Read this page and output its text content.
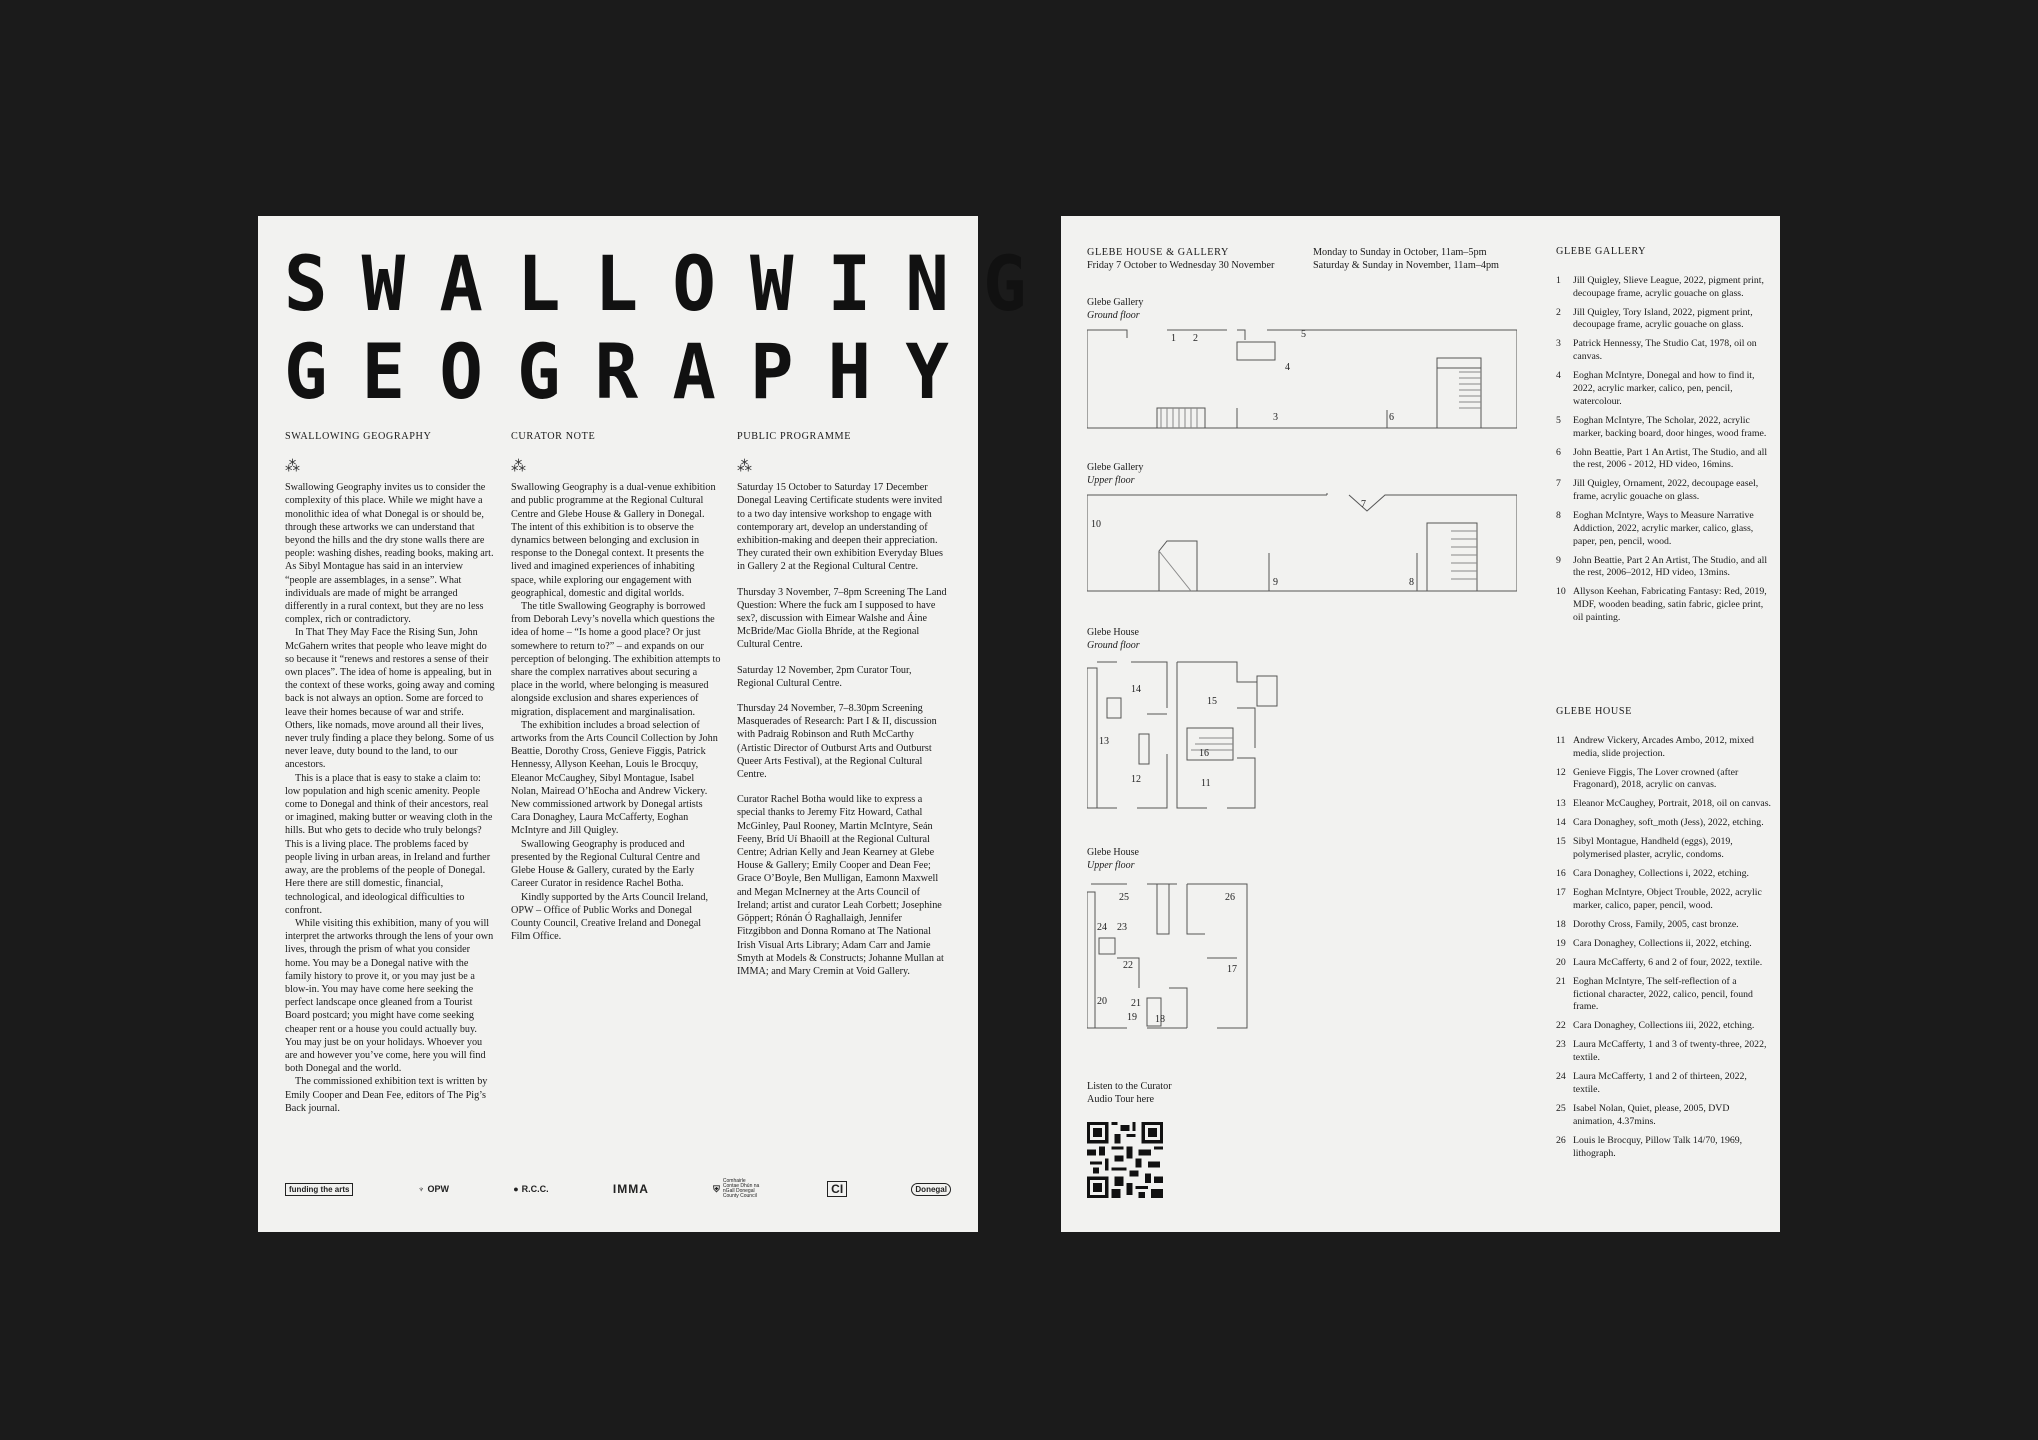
SWALLOWING
GEOGRAPHY
SWALLOWING GEOGRAPHY
⁂

Swallowing Geography invites us to consider the complexity of this place. While we might have a monolithic idea of what Donegal is or should be, through these artworks we can understand that beyond the hills and the dry stone walls there are people: washing dishes, reading books, making art. As Sibyl Montague has said in an interview “people are assemblages, in a sense”. What individuals are made of might be arranged differently in a rural context, but they are no less complex, rich or contradictory.

In That They May Face the Rising Sun, John McGahern writes that people who leave might do so because it “renews and restores a sense of their own places”. The idea of home is appealing, but in the context of these works, going away and coming back is not always an option. Some are forced to leave their homes because of war and strife. Others, like nomads, move around all their lives, never truly finding a place they belong. Some of us never leave, duty bound to the land, to our ancestors.

This is a place that is easy to stake a claim to: low population and high scenic amenity. People come to Donegal and think of their ancestors, real or imagined, making butter or weaving cloth in the hills. But who gets to decide who truly belongs? This is a living place. The problems faced by people living in urban areas, in Ireland and further away, are the problems of the people of Donegal. Here there are still domestic, financial, technological, and ideological difficulties to confront.

While visiting this exhibition, many of you will interpret the artworks through the lens of your own lives, through the prism of what you consider home. You may be a Donegal native with the family history to prove it, or you may just be a blow-in. You may have come here seeking the perfect landscape once gleaned from a Tourist Board postcard; you might have come seeking cheaper rent or a house you could actually buy. You may just be on your holidays. Whoever you are and however you’ve come, here you will find both Donegal and the world.

The commissioned exhibition text is written by Emily Cooper and Dean Fee, editors of The Pig’s Back journal.

CURATOR NOTE
⁂

Swallowing Geography is a dual-venue exhibition and public programme at the Regional Cultural Centre and Glebe House & Gallery in Donegal. The intent of this exhibition is to observe the dynamics between belonging and exclusion in response to the Donegal context. It presents the lived and imagined experiences of inhabiting space, while exploring our engagement with geographical, domestic and digital worlds.

The title Swallowing Geography is borrowed from Deborah Levy’s novella which questions the idea of home – “Is home a good place? Or just somewhere to return to?” – and expands on our perception of belonging. The exhibition attempts to share the complex narratives about securing a place in the world, where belonging is measured alongside exclusion and shares experiences of migration, displacement and marginalisation.

The exhibition includes a broad selection of artworks from the Arts Council Collection by John Beattie, Dorothy Cross, Genieve Figgis, Patrick Hennessy, Allyson Keehan, Louis le Brocquy, Eleanor McCaughey, Sibyl Montague, Isabel Nolan, Mairead O’hEocha and Andrew Vickery. New commissioned artwork by Donegal artists Cara Donaghey, Laura McCafferty, Eoghan McIntyre and Jill Quigley.

Swallowing Geography is produced and presented by the Regional Cultural Centre and Glebe House & Gallery, curated by the Early Career Curator in residence Rachel Botha.

Kindly supported by the Arts Council Ireland, OPW – Office of Public Works and Donegal County Council, Creative Ireland and Donegal Film Office.

PUBLIC PROGRAMME
⁂

Saturday 15 October to Saturday 17 December Donegal Leaving Certificate students were invited to a two day intensive workshop to engage with contemporary art, develop an understanding of exhibition-making and deepen their appreciation. They curated their own exhibition Everyday Blues in Gallery 2 at the Regional Cultural Centre.

Thursday 3 November, 7–8pm Screening The Land Question: Where the fuck am I supposed to have sex?, discussion with Eimear Walshe and Áine McBride/Mac Giolla Bhríde, at the Regional Cultural Centre.

Saturday 12 November, 2pm Curator Tour, Regional Cultural Centre.

Thursday 24 November, 7–8.30pm Screening Masquerades of Research: Part I & II, discussion with Padraig Robinson and Ruth McCarthy (Artistic Director of Outburst Arts and Outburst Queer Arts Festival), at the Regional Cultural Centre.

Curator Rachel Botha would like to express a special thanks to Jeremy Fitz Howard, Cathal McGinley, Paul Rooney, Martin McIntyre, Seán Feeny, Bríd Uí Bhaoill at the Regional Cultural Centre; Adrian Kelly and Jean Kearney at Glebe House & Gallery; Emily Cooper and Dean Fee; Grace O’Boyle, Ben Mulligan, Eamonn Maxwell and Megan McInerney at the Arts Council of Ireland; artist and curator Leah Corbett; Josephine Göppert; Rónán Ó Raghallaigh, Jennifer Fitzgibbon and Donna Romano at The National Irish Visual Arts Library; Adam Carr and Jamie Smyth at Models & Constructs; Johanne Mullan at IMMA; and Mary Cremin at Void Gallery.

funding the arts	♆ OPW	● R.C.C.	IMMA	⛨
Comhairle Contae Dhún na nGall Donegal County Council	CI	Donegal
GLEBE HOUSE & GALLERY
Friday 7 October to Wednesday 30 November
Monday to Sunday in October, 11am–5pm
Saturday & Sunday in November, 11am–4pm
Glebe Gallery
Ground floor
1 2	5
4
3	6
Glebe Gallery
Upper floor
10
7
9	8
Glebe House
Ground floor
14
15
13
16
12	11
Glebe House
Upper floor
25	26
24 23
22	17
20 21
19 18
Listen to the Curator
Audio Tour here
GLEBE GALLERY
1	Jill Quigley, Slieve League, 2022, pigment print, decoupage frame, acrylic gouache on glass.
2	Jill Quigley, Tory Island, 2022, pigment print, decoupage frame, acrylic gouache on glass.
3	Patrick Hennessy, The Studio Cat, 1978, oil on canvas.
4	Eoghan McIntyre, Donegal and how to find it, 2022, acrylic marker, calico, pen, pencil, watercolour.
5	Eoghan McIntyre, The Scholar, 2022, acrylic marker, backing board, door hinges, wood frame.
6	John Beattie, Part 1 An Artist, The Studio, and all the rest, 2006 - 2012, HD video, 16mins.
7	Jill Quigley, Ornament, 2022, decoupage easel, frame, acrylic gouache on glass.
8	Eoghan McIntyre, Ways to Measure Narrative Addiction, 2022, acrylic marker, calico, glass, paper, pen, pencil, wood.
9	John Beattie, Part 2 An Artist, The Studio, and all the rest, 2006–2012, HD video, 13mins.
10 Allyson Keehan, Fabricating Fantasy: Red, 2019, MDF, wooden beading, satin fabric, giclee print, oil painting.
GLEBE HOUSE
11 Andrew Vickery, Arcades Ambo, 2012, mixed media, slide projection.
12 Genieve Figgis, The Lover crowned (after Fragonard), 2018, acrylic on canvas.
13 Eleanor McCaughey, Portrait, 2018, oil on canvas.
14 Cara Donaghey, soft_moth (Jess), 2022, etching.
15 Sibyl Montague, Handheld (eggs), 2019, polymerised plaster, acrylic, condoms.
16 Cara Donaghey, Collections i, 2022, etching.
17 Eoghan McIntyre, Object Trouble, 2022, acrylic marker, calico, paper, pencil, wood.
18 Dorothy Cross, Family, 2005, cast bronze.
19 Cara Donaghey, Collections ii, 2022, etching.
20 Laura McCafferty, 6 and 2 of four, 2022, textile.
21 Eoghan McIntyre, The self-reflection of a fictional character, 2022, calico, pencil, found frame.
22 Cara Donaghey, Collections iii, 2022, etching.
23 Laura McCafferty, 1 and 3 of twenty-three, 2022, textile.
24 Laura McCafferty, 1 and 2 of thirteen, 2022, textile.
25 Isabel Nolan, Quiet, please, 2005, DVD animation, 4.37mins.
26 Louis le Brocquy, Pillow Talk 14/70, 1969, lithograph.
